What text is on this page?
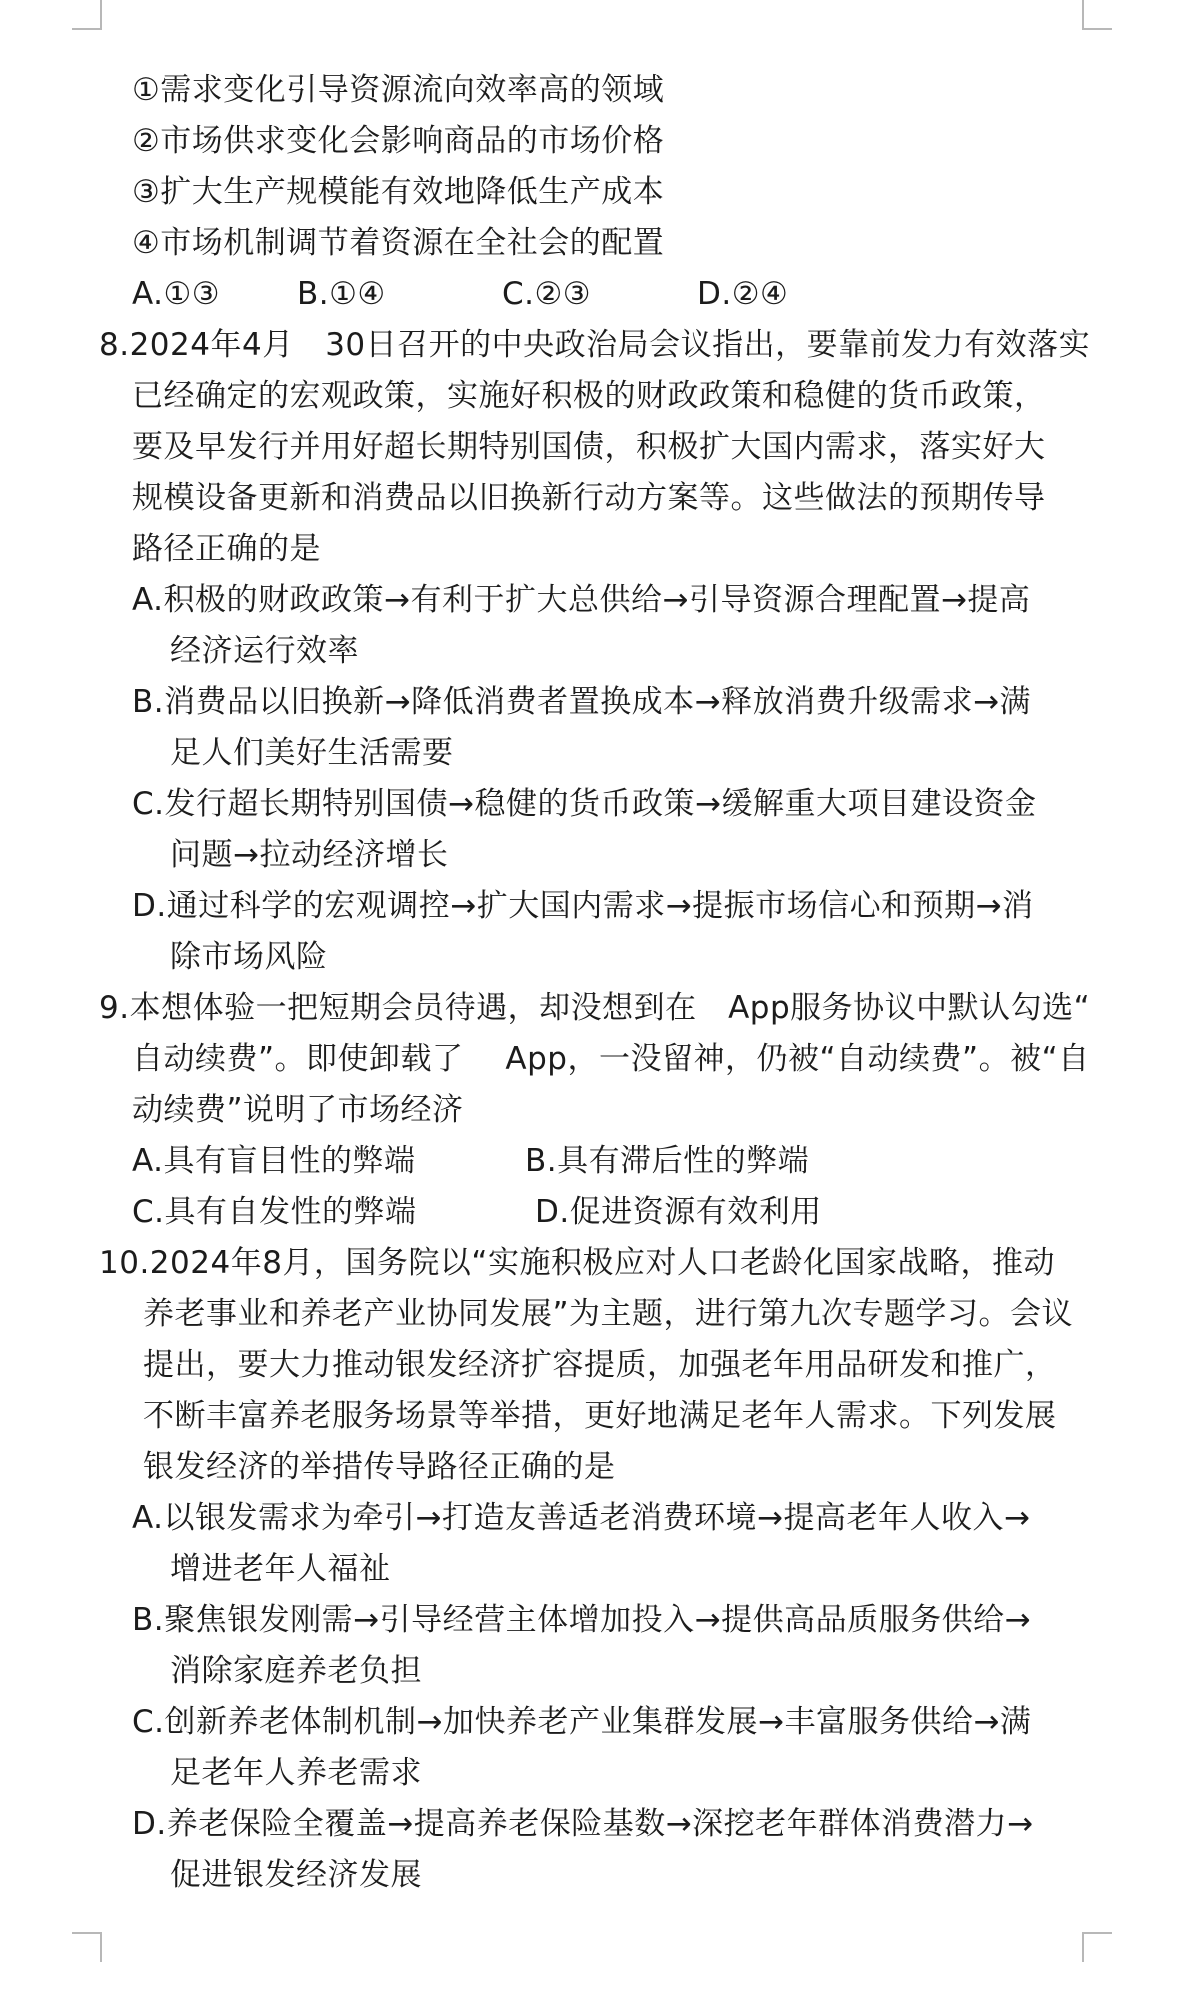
①需求变化引导资源流向效率高的领域
②市场供求变化会影响商品的市场价格
③扩大生产规模能有效地降低生产成本
④市场机制调节着资源在全社会的配置
A.①③ B.①④	C.②③	D.②④
8.2024年4月　30日召开的中央政治局会议指出，要靠前发力有效落实
已经确定的宏观政策，实施好积极的财政政策和稳健的货币政策，
要及早发行并用好超长期特别国债，积极扩大国内需求，落实好大
规模设备更新和消费品以旧换新行动方案等。这些做法的预期传导
路径正确的是
A.积极的财政政策→有利于扩大总供给→引导资源合理配置→提高
经济运行效率
B.消费品以旧换新→降低消费者置换成本→释放消费升级需求→满
足人们美好生活需要
C.发行超长期特别国债→稳健的货币政策→缓解重大项目建设资金
问题→拉动经济增长
D.通过科学的宏观调控→扩大国内需求→提振市场信心和预期→消
除市场风险
9.本想体验一把短期会员待遇，却没想到在　App服务协议中默认勾选“
自动续费”。即使卸载了　 App，一没留神，仍被“自动续费”。被“自
动续费”说明了市场经济
A.具有盲目性的弊端	B.具有滞后性的弊端
C.具有自发性的弊端	D.促进资源有效利用
10.2024年8月，国务院以“实施积极应对人口老龄化国家战略，推动
养老事业和养老产业协同发展”为主题，进行第九次专题学习。会议
提出，要大力推动银发经济扩容提质，加强老年用品研发和推广，
不断丰富养老服务场景等举措，更好地满足老年人需求。下列发展
银发经济的举措传导路径正确的是
A.以银发需求为牵引→打造友善适老消费环境→提高老年人收入→
增进老年人福祉
B.聚焦银发刚需→引导经营主体增加投入→提供高品质服务供给→
消除家庭养老负担
C.创新养老体制机制→加快养老产业集群发展→丰富服务供给→满
足老年人养老需求
D.养老保险全覆盖→提高养老保险基数→深挖老年群体消费潜力→
促进银发经济发展
